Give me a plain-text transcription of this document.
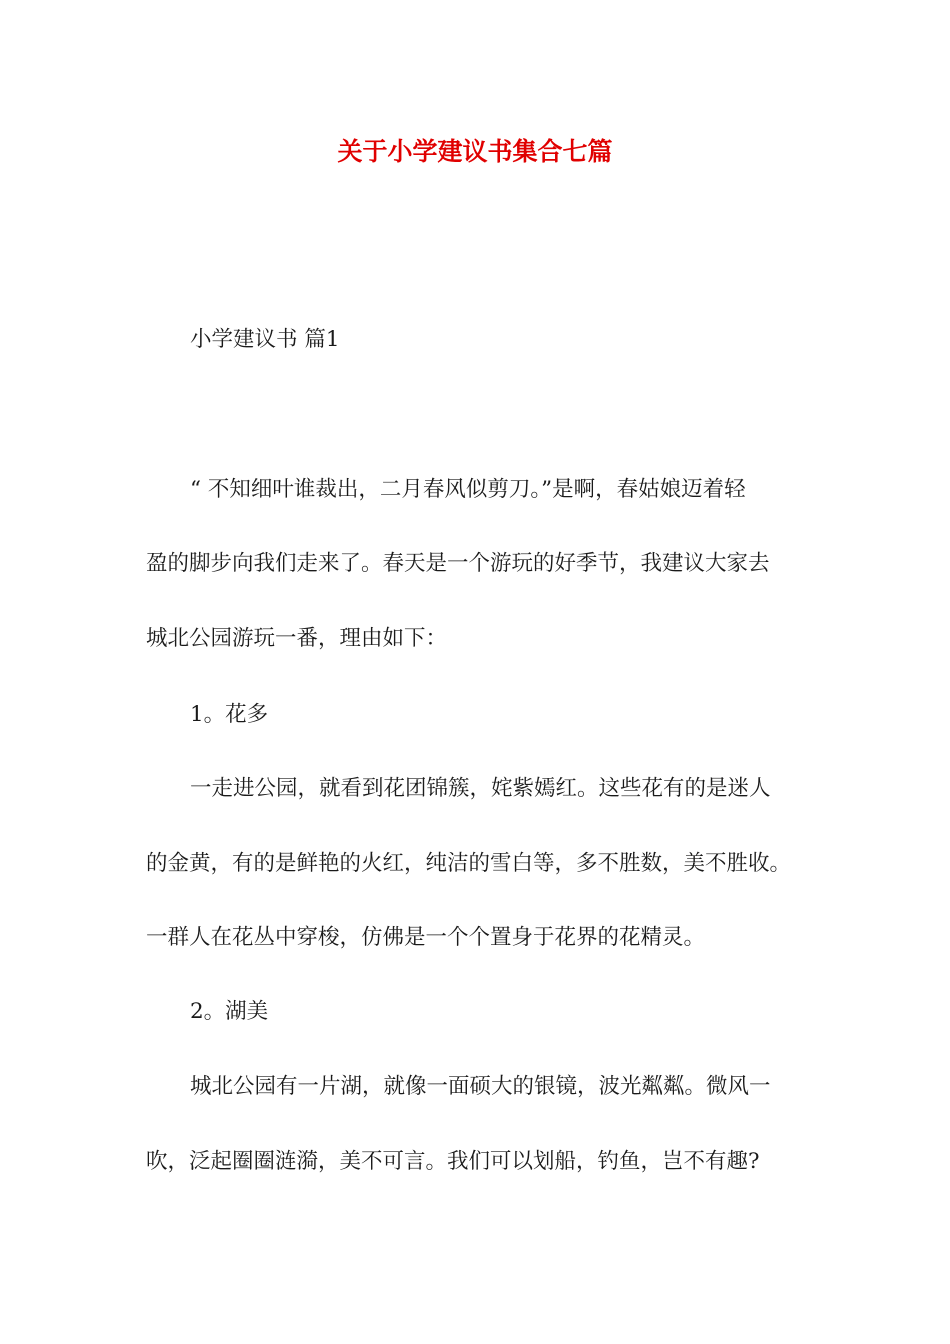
关于小学建议书集合七篇
小学建议书 篇1
“ 不知细叶谁裁出，二月春风似剪刀。”是啊，春姑娘迈着轻
盈的脚步向我们走来了。春天是一个游玩的好季节，我建议大家去
城北公园游玩一番，理由如下：
1。花多
一走进公园，就看到花团锦簇，姹紫嫣红。这些花有的是迷人
的金黄，有的是鲜艳的火红，纯洁的雪白等，多不胜数，美不胜收。
一群人在花丛中穿梭，仿佛是一个个置身于花界的花精灵。
2。湖美
城北公园有一片湖，就像一面硕大的银镜，波光粼粼。微风一
吹，泛起圈圈涟漪，美不可言。我们可以划船，钓鱼，岂不有趣?
